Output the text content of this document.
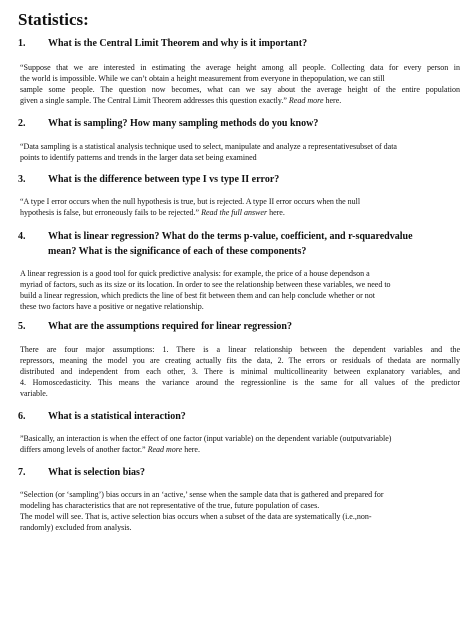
Statistics:
1. What is the Central Limit Theorem and why is it important?
“Suppose that we are interested in estimating the average height among all people. Collecting data for every person in
the world is impossible. While we can’t obtain a height measurement from everyone in thepopulation, we can still
sample some people. The question now becomes, what can we say about the average height of the entire population
given a single sample. The Central Limit Theorem addresses this question exactly.” Read more here.
2. What is sampling? How many sampling methods do you know?
“Data sampling is a statistical analysis technique used to select, manipulate and analyze a representativesubset of data
points to identify patterns and trends in the larger data set being examined
3. What is the difference between type I vs type II error?
“A type I error occurs when the null hypothesis is true, but is rejected. A type II error occurs when the null
hypothesis is false, but erroneously fails to be rejected.” Read the full answer here.
4. What is linear regression? What do the terms p-value, coefficient, and r-squaredvalue
mean? What is the significance of each of these components?
A linear regression is a good tool for quick predictive analysis: for example, the price of a house dependson a
myriad of factors, such as its size or its location. In order to see the relationship between these variables, we need to
build a linear regression, which predicts the line of best fit between them and can help conclude whether or not
these two factors have a positive or negative relationship.
5. What are the assumptions required for linear regression?
There are four major assumptions: 1. There is a linear relationship between the dependent variables and the
repressors, meaning the model you are creating actually fits the data, 2. The errors or residuals of thedata are normally
distributed and independent from each other, 3. There is minimal multicollinearity between explanatory variables, and
4. Homoscedasticity. This means the variance around the regressionline is the same for all values of the predictor
variable.
6. What is a statistical interaction?
”Basically, an interaction is when the effect of one factor (input variable) on the dependent variable (outputvariable)
differs among levels of another factor.” Read more here.
7. What is selection bias?
“Selection (or ‘sampling’) bias occurs in an ‘active,’ sense when the sample data that is gathered and prepared for
modeling has characteristics that are not representative of the true, future population of cases.
The model will see. That is, active selection bias occurs when a subset of the data are systematically (i.e.,non-
randomly) excluded from analysis.
